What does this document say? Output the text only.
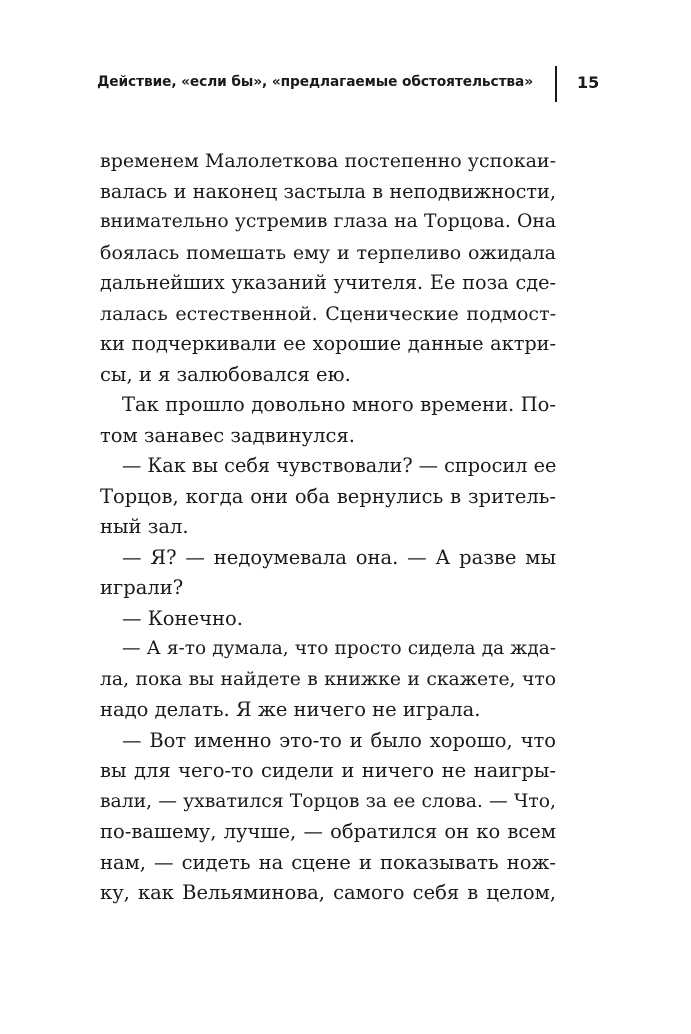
Действие, «если бы», «предлагаемые обстоятельства»	15
временем Малолеткова постепенно успокаи-
валась и наконец застыла в неподвижности,
внимательно устремив глаза на Торцова. Она
боялась помешать ему и терпеливо ожидала
дальнейших указаний учителя. Ее поза сде-
лалась естественной. Сценические подмост-
ки подчеркивали ее хорошие данные актри-
сы, и я залюбовался ею.
Так прошло довольно много времени. По-
том занавес задвинулся.
— Как вы себя чувствовали? — спросил ее
Торцов, когда они оба вернулись в зритель-
ный зал.
— Я? — недоумевала она. — А разве мы
играли?
— Конечно.
— А я-то думала, что просто сидела да жда-
ла, пока вы найдете в книжке и скажете, что
надо делать. Я же ничего не играла.
— Вот именно это-то и было хорошо, что
вы для чего-то сидели и ничего не наигры-
вали, — ухватился Торцов за ее слова. — Что,
по-вашему, лучше, — обратился он ко всем
нам, — сидеть на сцене и показывать нож-
ку, как Вельяминова, самого себя в целом,
